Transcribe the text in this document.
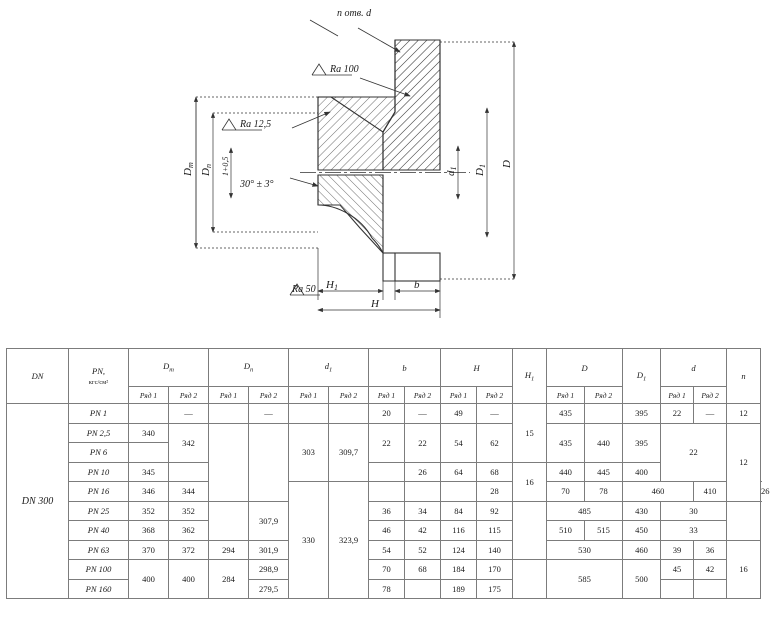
n отв. d
Ra 100
Ra 12,5
Ra 50
30° ± 3°
1+0,5
Dm
Dn
d1 D1 D
H1
H
b
DN	PN,
кгс/см²	$D_m$		$D_n$		$d_1$		b		H		$H_1$	D		$D_1$	d		n	
		Ряд 1	Ряд 2	Ряд 1	Ряд 2	Ряд 1	Ряд 2	Ряд 1	Ряд 2	Ряд 1	Ряд 2		Ряд 1	Ряд 2		Ряд 1	Ряд 2		
DN 300	PN 1		—		—			20	—	49	—	15	435		395	22	—	12	
	PN 2,5	340	342			303	309,7	22	22	54	62		435	440	395	22		12	
	PN 6																		
	PN 10	345							26	64	68	16	440	445	400				
	PN 16	346	344			330	323,9				28		70	78	460		410		26
	PN 25	352	352		307,9			36	34	84	92		485		430	30			
	PN 40	368	362					46	42	116	115		510	515	450	33			
	PN 63	370	372	294	301,9			54	52	124	140		530		460	39	36	16	
	PN 100	400	400	284	298,9			70	68	184	170		585		500	45	42		
	PN 160				279,5			78		189	175								
